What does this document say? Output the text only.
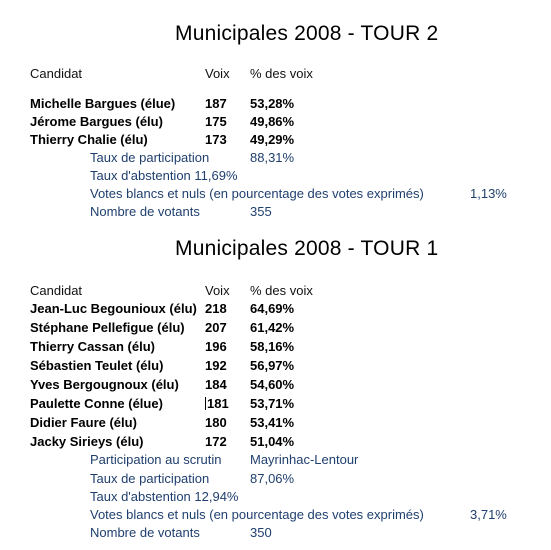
Municipales 2008 - TOUR 2
Candidat	Voix % des voix
Michelle Bargues (élue) 187 53,28%
Jérome Bargues (élu)	175 49,86%
Thierry Chalie (élu)	173 49,29%
Taux de participation	88,31%
Taux d'abstention 11,69%
Votes blancs et nuls (en pourcentage des votes exprimés)	1,13%
Nombre de votants	355
Municipales 2008 - TOUR 1
Candidat	Voix % des voix
Jean-Luc Begounioux (élu) 218 64,69%
Stéphane Pellefigue (élu) 207 61,42%
Thierry Cassan (élu)	196 58,16%
Sébastien Teulet (élu)	192 56,97%
Yves Bergougnoux (élu) 184 54,60%
Paulette Conne (élue)	181 53,71%
Didier Faure (élu)	180 53,41%
Jacky Sirieys (élu)	172 51,04%
Participation au scrutin Mayrinhac-Lentour
Taux de participation	87,06%
Taux d'abstention 12,94%
Votes blancs et nuls (en pourcentage des votes exprimés)	3,71%
Nombre de votants	350
